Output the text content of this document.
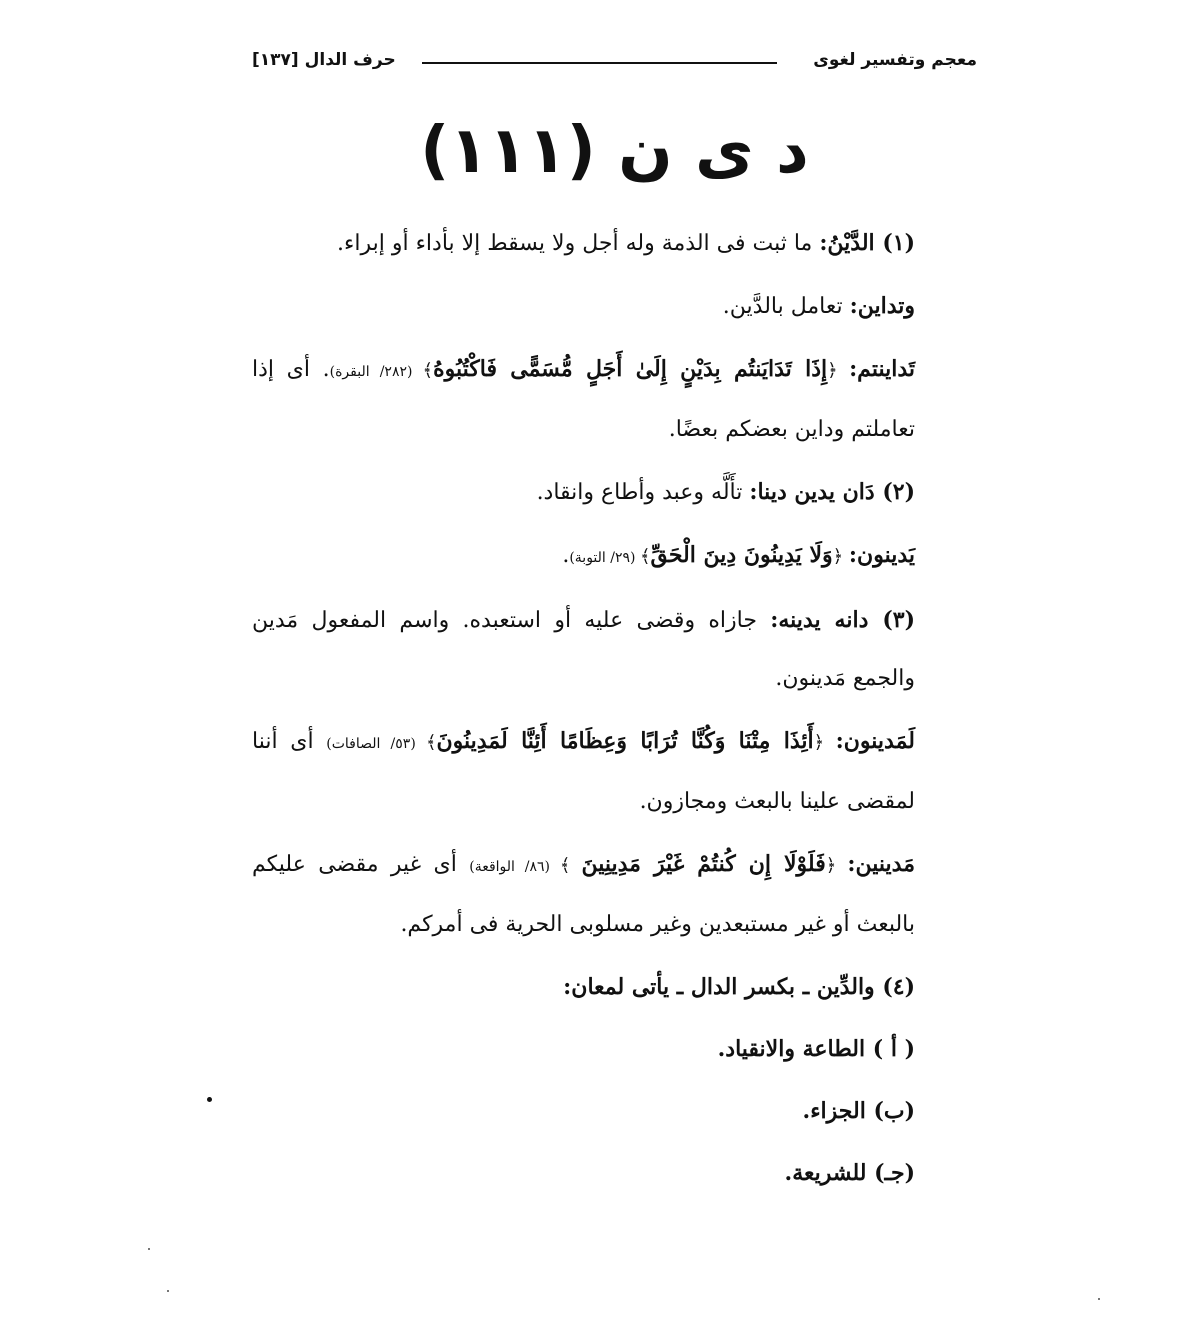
معجم وتفسير لغوى
حرف الدال [١٣٧]
د ى ن (١١١)

(١) الدَّيْنُ: ما ثبت فى الذمة وله أجل ولا يسقط إلا بأداء أو إبراء.

وتداين: تعامل بالدَّين.

تَداينتم: ﴿إِذَا تَدَايَنتُم بِدَيْنٍ إِلَىٰ أَجَلٍ مُّسَمًّى فَاكْتُبُوهُ﴾ (٢٨٢/ البقرة). أى إذا تعاملتم وداين بعضكم بعضًا.

(٢) دَان يدين دينا: تأَلَّه وعبد وأطاع وانقاد.

يَدينون: ﴿وَلَا يَدِينُونَ دِينَ الْحَقِّ﴾ (٢٩/ التوبة).

(٣) دانه يدينه: جازاه وقضى عليه أو استعبده. واسم المفعول مَدين والجمع مَدينون.

لَمَدينون: ﴿أَئِذَا مِتْنَا وَكُنَّا تُرَابًا وَعِظَامًا أَئِنَّا لَمَدِينُونَ﴾ (٥٣/ الصافات) أى أننا لمقضى علينا بالبعث ومجازون.

مَدينين: ﴿فَلَوْلَا إِن كُنتُمْ غَيْرَ مَدِينِينَ ﴾ (٨٦/ الواقعة) أى غير مقضى عليكم بالبعث أو غير مستبعدين وغير مسلوبى الحرية فى أمركم.

(٤) والدِّين ـ بكسر الدال ـ يأتى لمعان:

( أ ) الطاعة والانقياد.

(ب) الجزاء.

(جـ) للشريعة.
